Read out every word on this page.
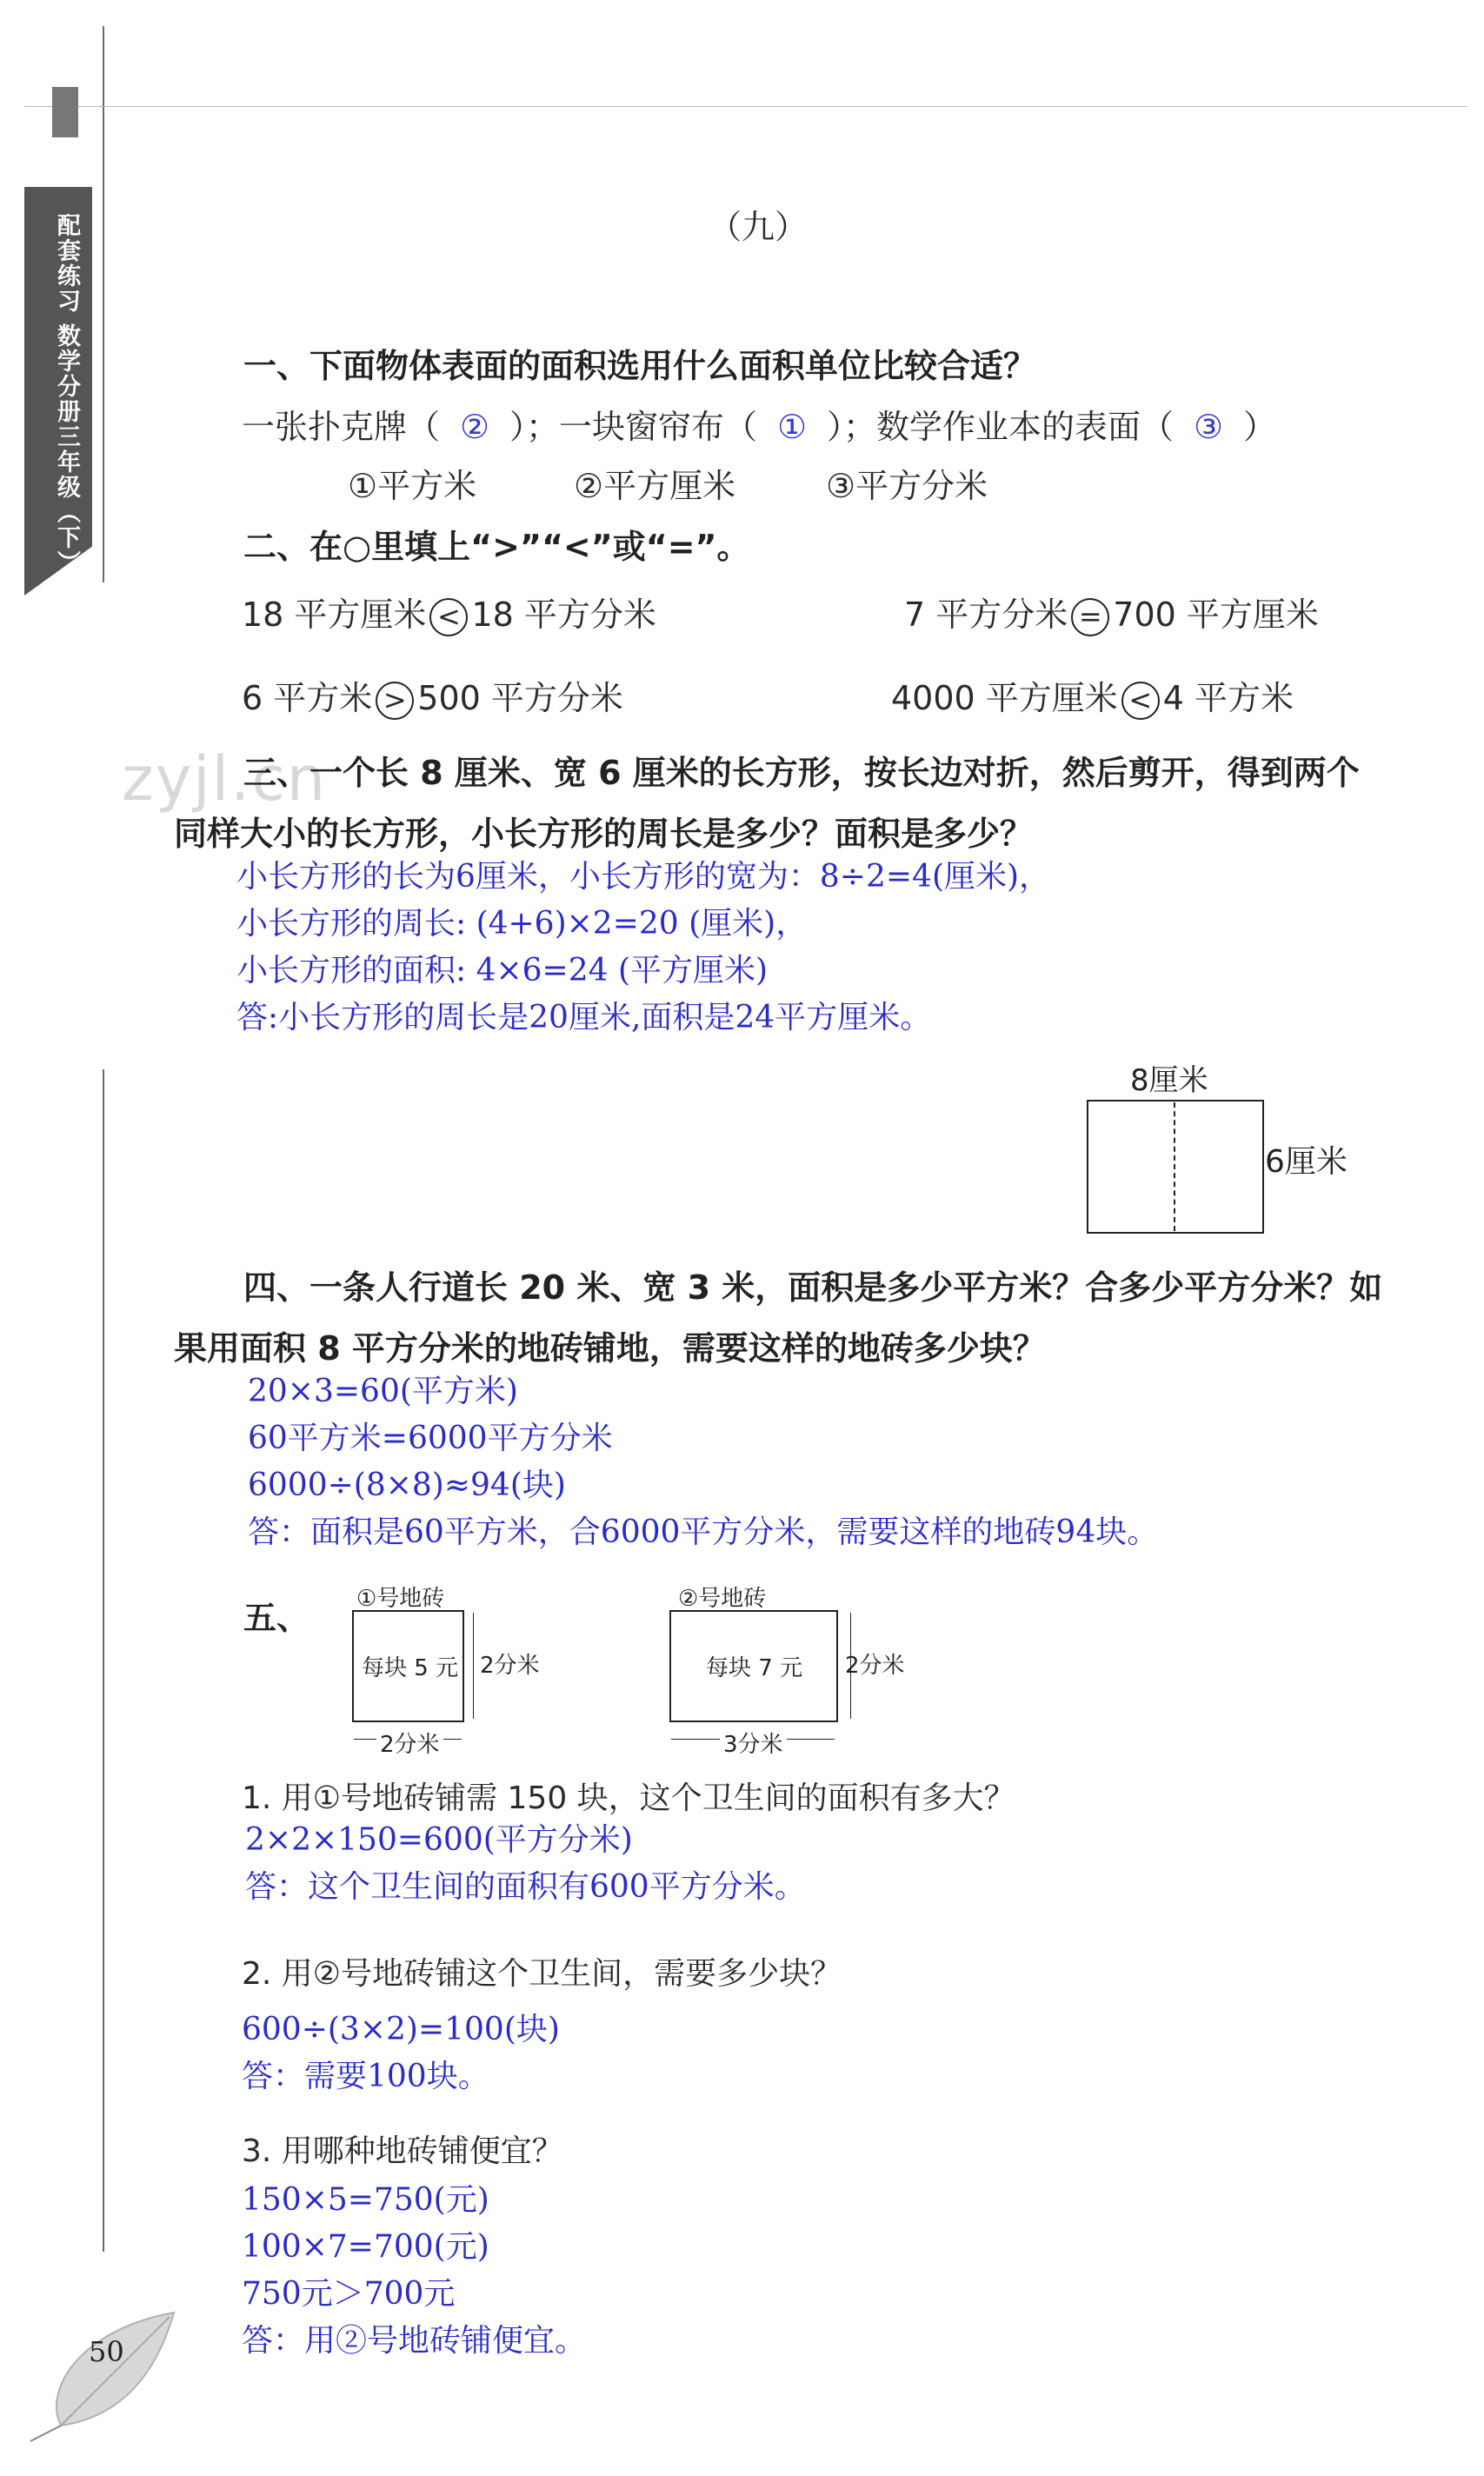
配套练习 数学分册三年级（下）	（九）
一、下面物体表面的面积选用什么面积单位比较合适？
一张扑克牌（ ② ）；一块窗帘布（ ① ）；数学作业本的表面（ ③ ）
①平方米	②平方厘米	③平方分米
二、在○里填上“>”“<”或“=”。
18 平方厘米 < 18 平方分米	7 平方分米 = 700 平方厘米
6 平方米 > 500 平方分米	4000 平方厘米 < 4 平方米
zyjl.cn
三、一个长 8 厘米、宽 6 厘米的长方形，按长边对折，然后剪开，得到两个
同样大小的长方形，小长方形的周长是多少？面积是多少？
小长方形的长为6厘米，小长方形的宽为：8÷2=4(厘米)，
小长方形的周长: (4+6)×2=20 (厘米)，
小长方形的面积: 4×6=24 (平方厘米)
答:小长方形的周长是20厘米,面积是24平方厘米。
8厘米
6厘米
四、一条人行道长 20 米、宽 3 米，面积是多少平方米？合多少平方分米？如
果用面积 8 平方分米的地砖铺地，需要这样的地砖多少块？
20×3=60(平方米)
60平方米=6000平方分米
6000÷(8×8)≈94(块)
答：面积是60平方米，合6000平方分米，需要这样的地砖94块。
五、 ①号地砖
每块 5 元 2分米
2分米
②号地砖
每块 7 元 2分米
3分米
1. 用①号地砖铺需 150 块，这个卫生间的面积有多大？
2×2×150=600(平方分米)
答：这个卫生间的面积有600平方分米。
2. 用②号地砖铺这个卫生间，需要多少块？
600÷(3×2)=100(块)
答：需要100块。
3. 用哪种地砖铺便宜？
150×5=750(元)
100×7=700(元)
750元＞700元
答：用②号地砖铺便宜。
50
